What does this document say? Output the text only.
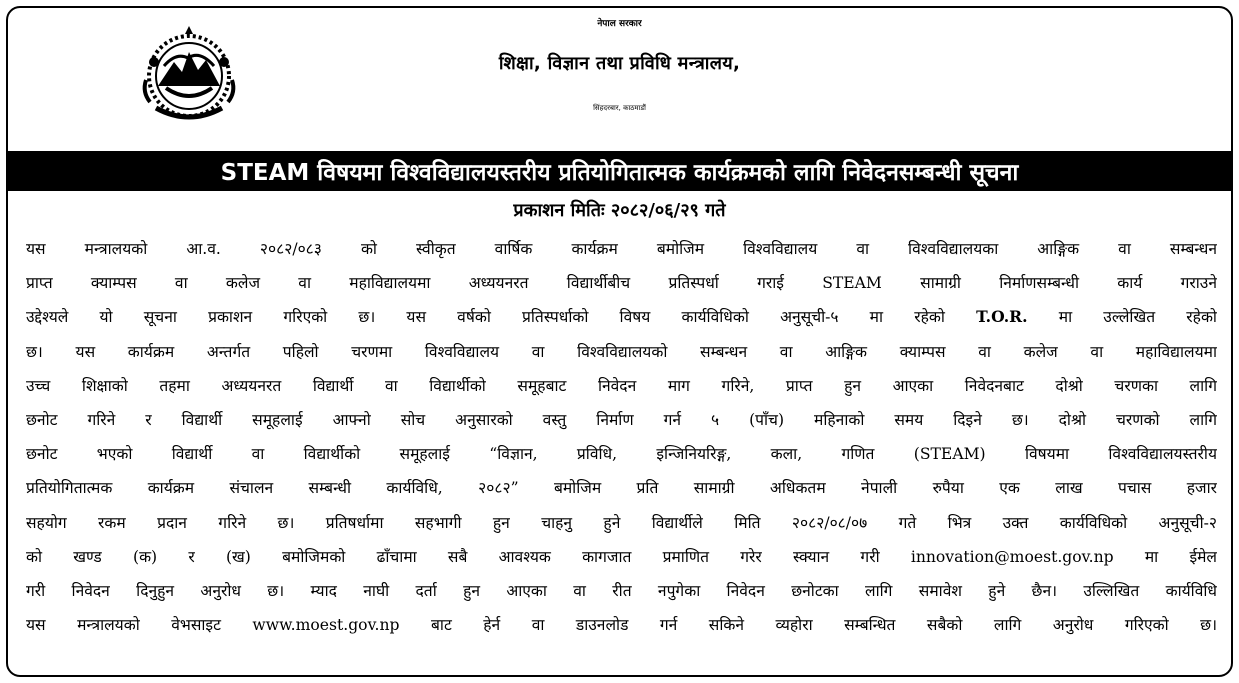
नेपाल सरकार
शिक्षा, विज्ञान तथा प्रविधि मन्त्रालय,
सिंहदरबार, काठमाडौं
STEAM विषयमा विश्वविद्यालयस्तरीय प्रतियोगितात्मक कार्यक्रमको लागि निवेदनसम्बन्धी सूचना
प्रकाशन मितिः २०८२/०६/२९ गते
यस मन्त्रालयको आ.व. २०८२/०८३ को स्वीकृत वार्षिक कार्यक्रम बमोजिम विश्वविद्यालय वा विश्वविद्यालयका आङ्गिक वा सम्बन्धन
प्राप्त क्याम्पस वा कलेज वा महाविद्यालयमा अध्ययनरत विद्यार्थीबीच प्रतिस्पर्धा गराई STEAM सामाग्री निर्माणसम्बन्धी कार्य गराउने
उद्देश्यले यो सूचना प्रकाशन गरिएको छ। यस वर्षको प्रतिस्पर्धाको विषय कार्यविधिको अनुसूची-५ मा रहेको T.O.R. मा उल्लेखित रहेको
छ। यस कार्यक्रम अन्तर्गत पहिलो चरणमा विश्वविद्यालय वा विश्वविद्यालयको सम्बन्धन वा आङ्गिक क्याम्पस वा कलेज वा महाविद्यालयमा
उच्च शिक्षाको तहमा अध्ययनरत विद्यार्थी वा विद्यार्थीको समूहबाट निवेदन माग गरिने, प्राप्त हुन आएका निवेदनबाट दोश्रो चरणका लागि
छनोट गरिने र विद्यार्थी समूहलाई आफ्नो सोच अनुसारको वस्तु निर्माण गर्न ५ (पाँच) महिनाको समय दिइने छ। दोश्रो चरणको लागि
छनोट भएको विद्यार्थी वा विद्यार्थीको समूहलाई “विज्ञान, प्रविधि, इन्जिनियरिङ्ग, कला, गणित (STEAM) विषयमा विश्वविद्यालयस्तरीय
प्रतियोगितात्मक कार्यक्रम संचालन सम्बन्धी कार्यविधि, २०८२” बमोजिम प्रति सामाग्री अधिकतम नेपाली रुपैया एक लाख पचास हजार
सहयोग रकम प्रदान गरिने छ। प्रतिषर्धामा सहभागी हुन चाहनु हुने विद्यार्थीले मिति २०८२/०८/०७ गते भित्र उक्त कार्यविधिको अनुसूची-२
को खण्ड (क) र (ख) बमोजिमको ढाँचामा सबै आवश्यक कागजात प्रमाणित गरेर स्क्यान गरी innovation@moest.gov.np मा ईमेल
गरी निवेदन दिनुहुन अनुरोध छ। म्याद नाघी दर्ता हुन आएका वा रीत नपुगेका निवेदन छनोटका लागि समावेश हुने छैन। उल्लिखित कार्यविधि
यस मन्त्रालयको वेभसाइट www.moest.gov.np बाट हेर्न वा डाउनलोड गर्न सकिने व्यहोरा सम्बन्धित सबैको लागि अनुरोध गरिएको छ।
